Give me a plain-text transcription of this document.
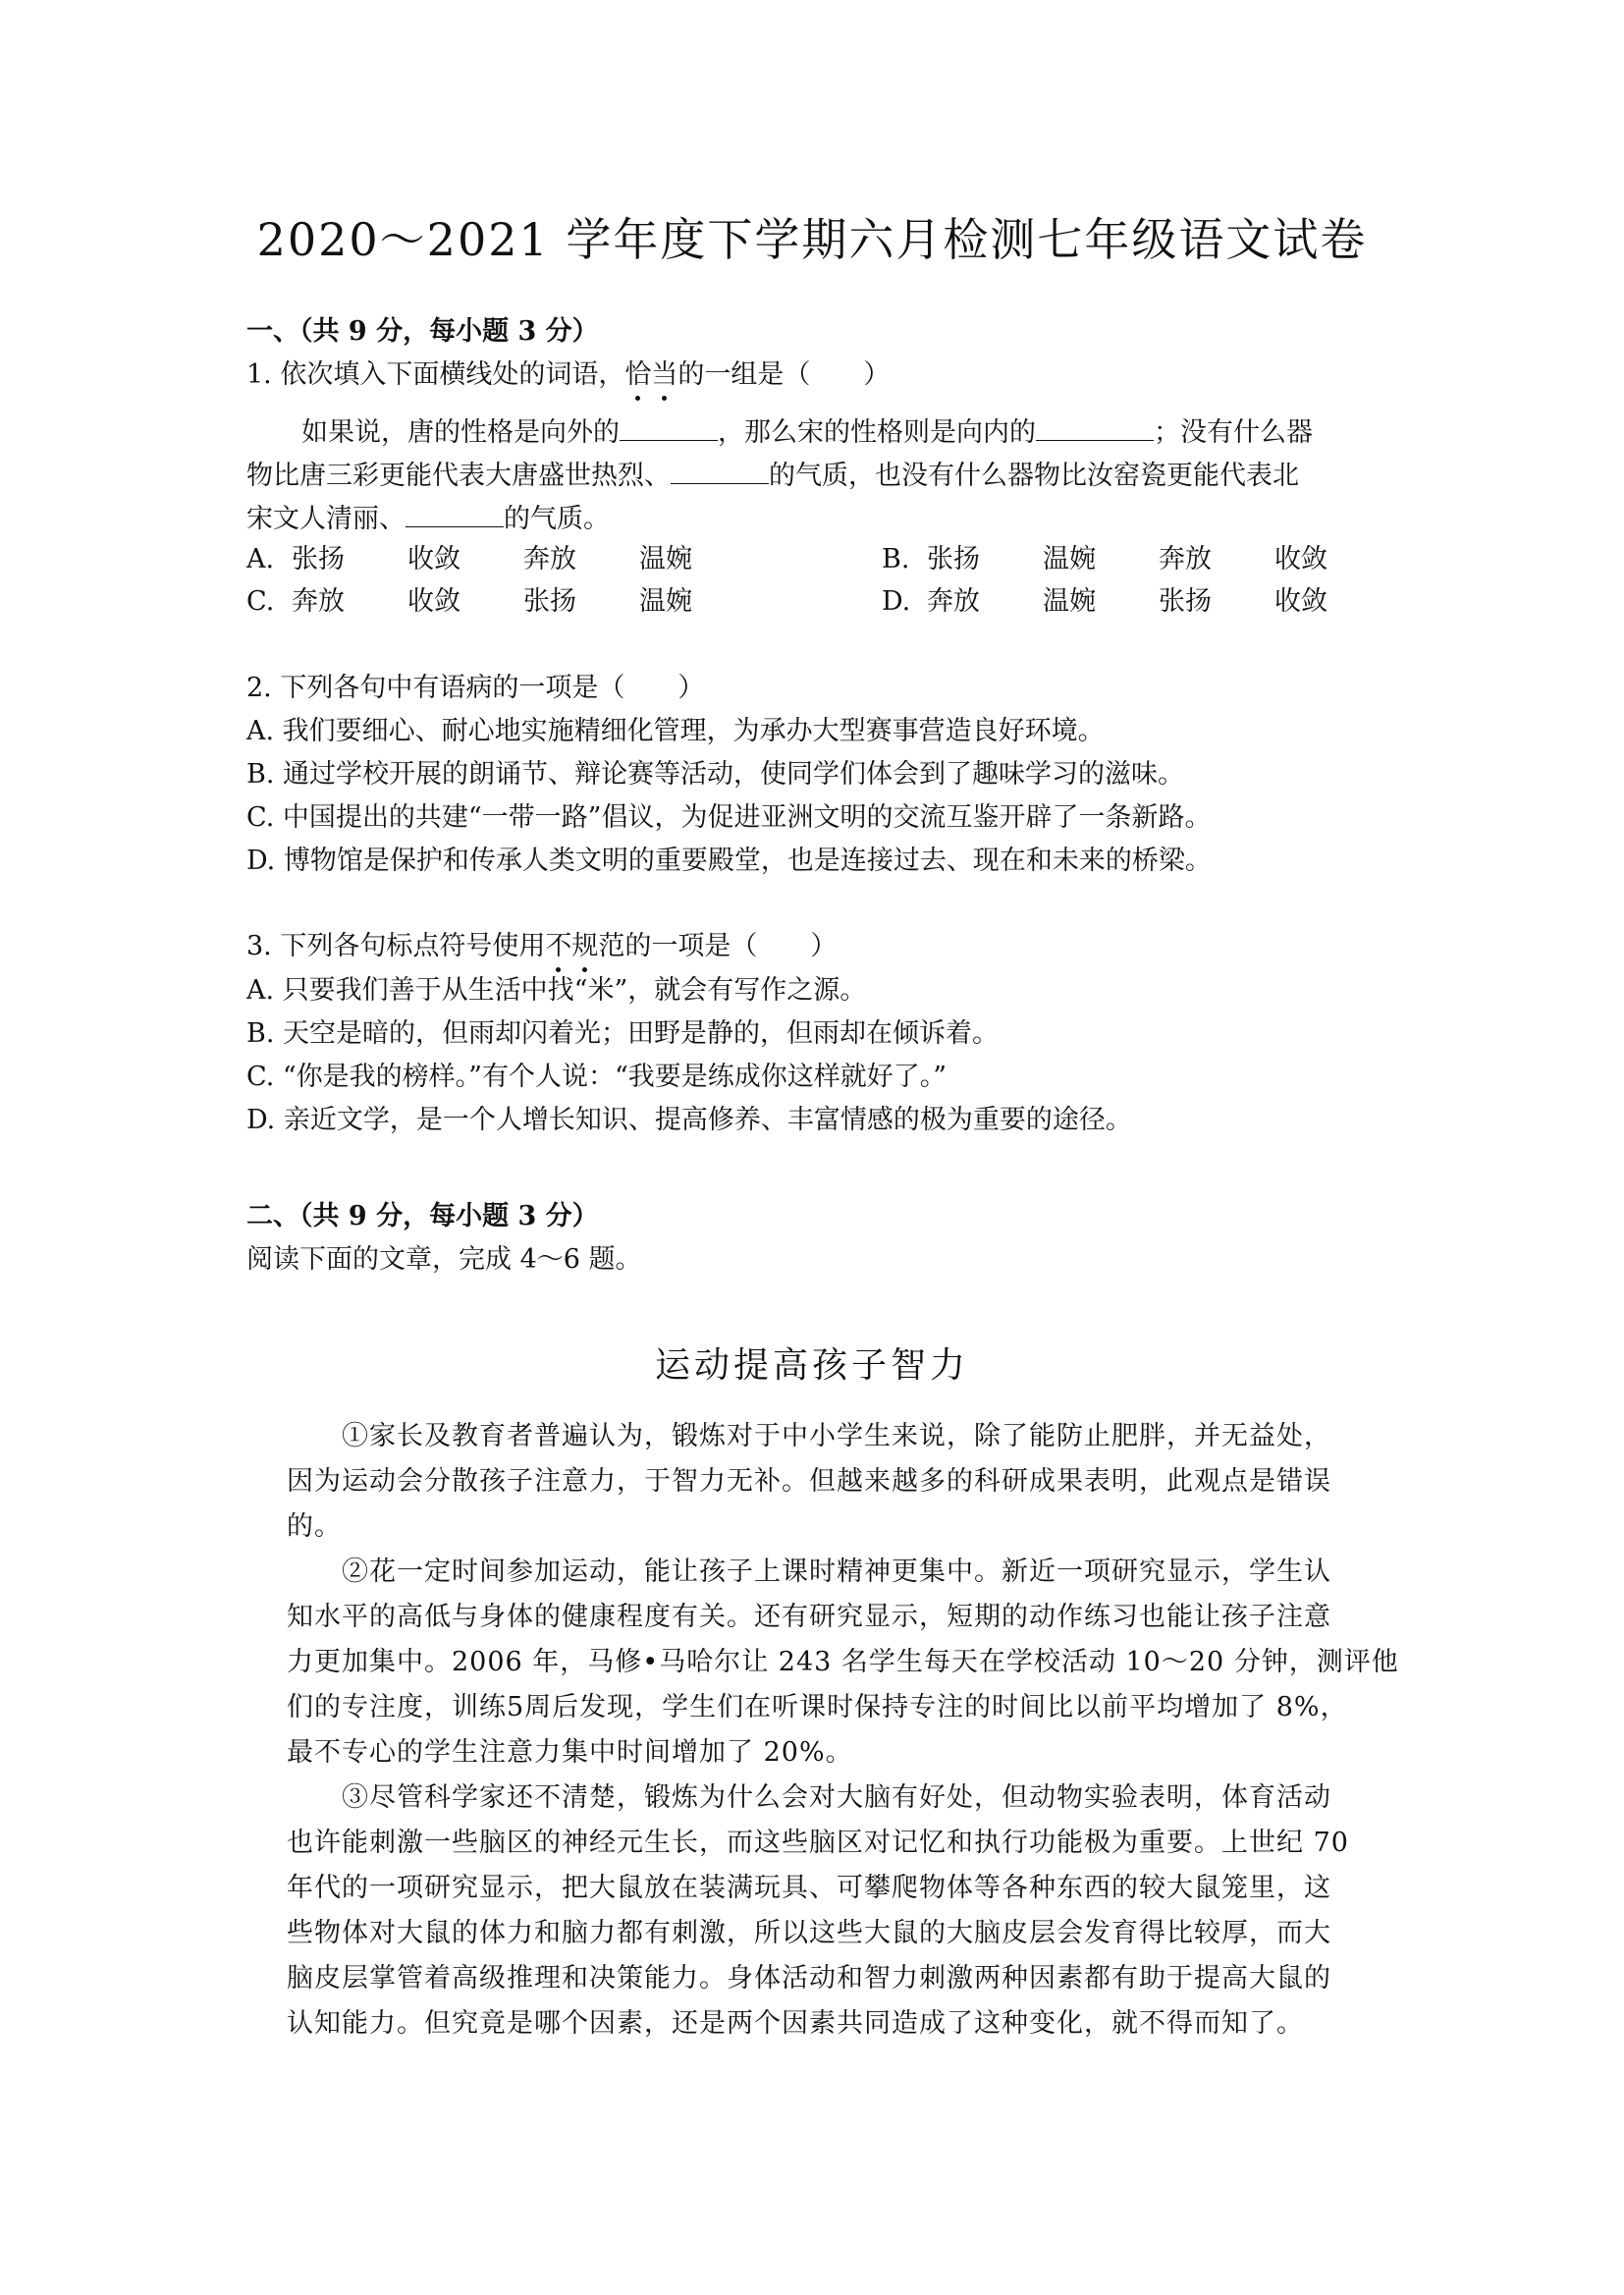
2020～2021 学年度下学期六月检测七年级语文试卷
一、（共 9 分，每小题 3 分）
1. 依次填入下面横线处的词语，恰当的一组是（　　）
如果说，唐的性格是向外的	，那么宋的性格则是向内的	；没有什么器
物比唐三彩更能代表大唐盛世热烈、	的气质，也没有什么器物比汝窑瓷更能代表北
宋文人清丽、	的气质。
A. 张扬 收敛 奔放 温婉	B. 张扬 温婉 奔放 收敛
C. 奔放 收敛 张扬 温婉	D. 奔放 温婉 张扬 收敛
2. 下列各句中有语病的一项是（　　）
A. 我们要细心、耐心地实施精细化管理，为承办大型赛事营造良好环境。
B. 通过学校开展的朗诵节、辩论赛等活动，使同学们体会到了趣味学习的滋味。
C. 中国提出的共建“一带一路”倡议，为促进亚洲文明的交流互鉴开辟了一条新路。
D. 博物馆是保护和传承人类文明的重要殿堂，也是连接过去、现在和未来的桥梁。
3. 下列各句标点符号使用不规范的一项是（　　）
A. 只要我们善于从生活中找“米”，就会有写作之源。
B. 天空是暗的，但雨却闪着光；田野是静的，但雨却在倾诉着。
C. “你是我的榜样。”有个人说：“我要是练成你这样就好了。”
D. 亲近文学，是一个人增长知识、提高修养、丰富情感的极为重要的途径。
二、（共 9 分，每小题 3 分）
阅读下面的文章，完成 4～6 题。
运动提高孩子智力
　　①家长及教育者普遍认为，锻炼对于中小学生来说，除了能防止肥胖，并无益处，
因为运动会分散孩子注意力，于智力无补。但越来越多的科研成果表明，此观点是错误
的。
　　②花一定时间参加运动，能让孩子上课时精神更集中。新近一项研究显示，学生认
知水平的高低与身体的健康程度有关。还有研究显示，短期的动作练习也能让孩子注意
力更加集中。2006 年，马修•马哈尔让 243 名学生每天在学校活动 10～20 分钟，测评他
们的专注度，训练5周后发现，学生们在听课时保持专注的时间比以前平均增加了 8%，
最不专心的学生注意力集中时间增加了 20%。
　　③尽管科学家还不清楚，锻炼为什么会对大脑有好处，但动物实验表明，体育活动
也许能刺激一些脑区的神经元生长，而这些脑区对记忆和执行功能极为重要。上世纪 70
年代的一项研究显示，把大鼠放在装满玩具、可攀爬物体等各种东西的较大鼠笼里，这
些物体对大鼠的体力和脑力都有刺激，所以这些大鼠的大脑皮层会发育得比较厚，而大
脑皮层掌管着高级推理和决策能力。身体活动和智力刺激两种因素都有助于提高大鼠的
认知能力。但究竟是哪个因素，还是两个因素共同造成了这种变化，就不得而知了。
